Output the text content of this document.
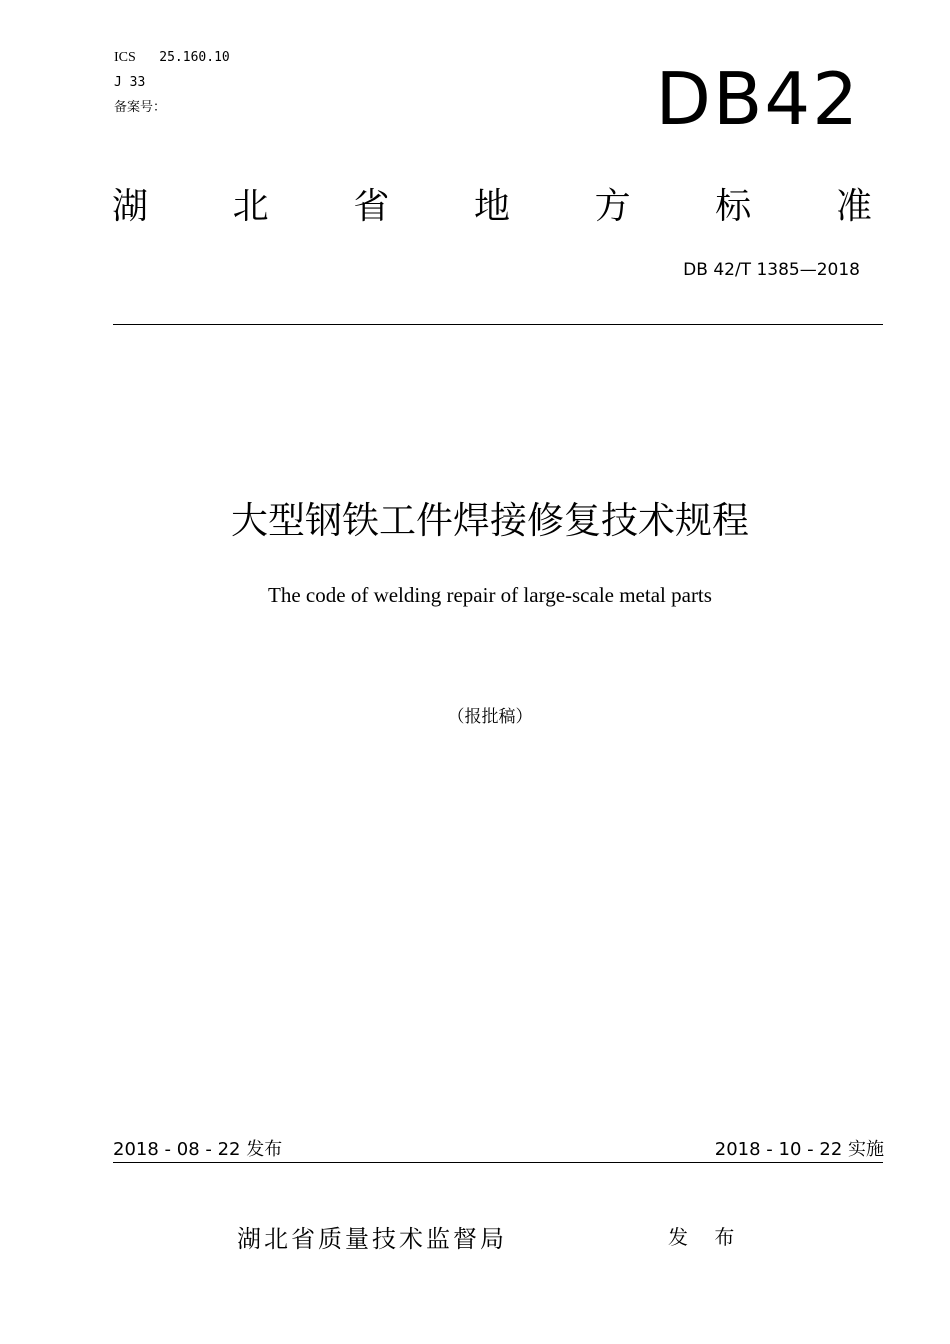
ICS 25.160.10
J 33
备案号：	DB42
湖 北 省 地 方 标 准
DB 42/T 1385—2018
大型钢铁工件焊接修复技术规程
The code of welding repair of large-scale metal parts
（报批稿）
2018 - 08 - 22 发布	2018 - 10 - 22 实施
湖北省质量技术监督局	发 布
